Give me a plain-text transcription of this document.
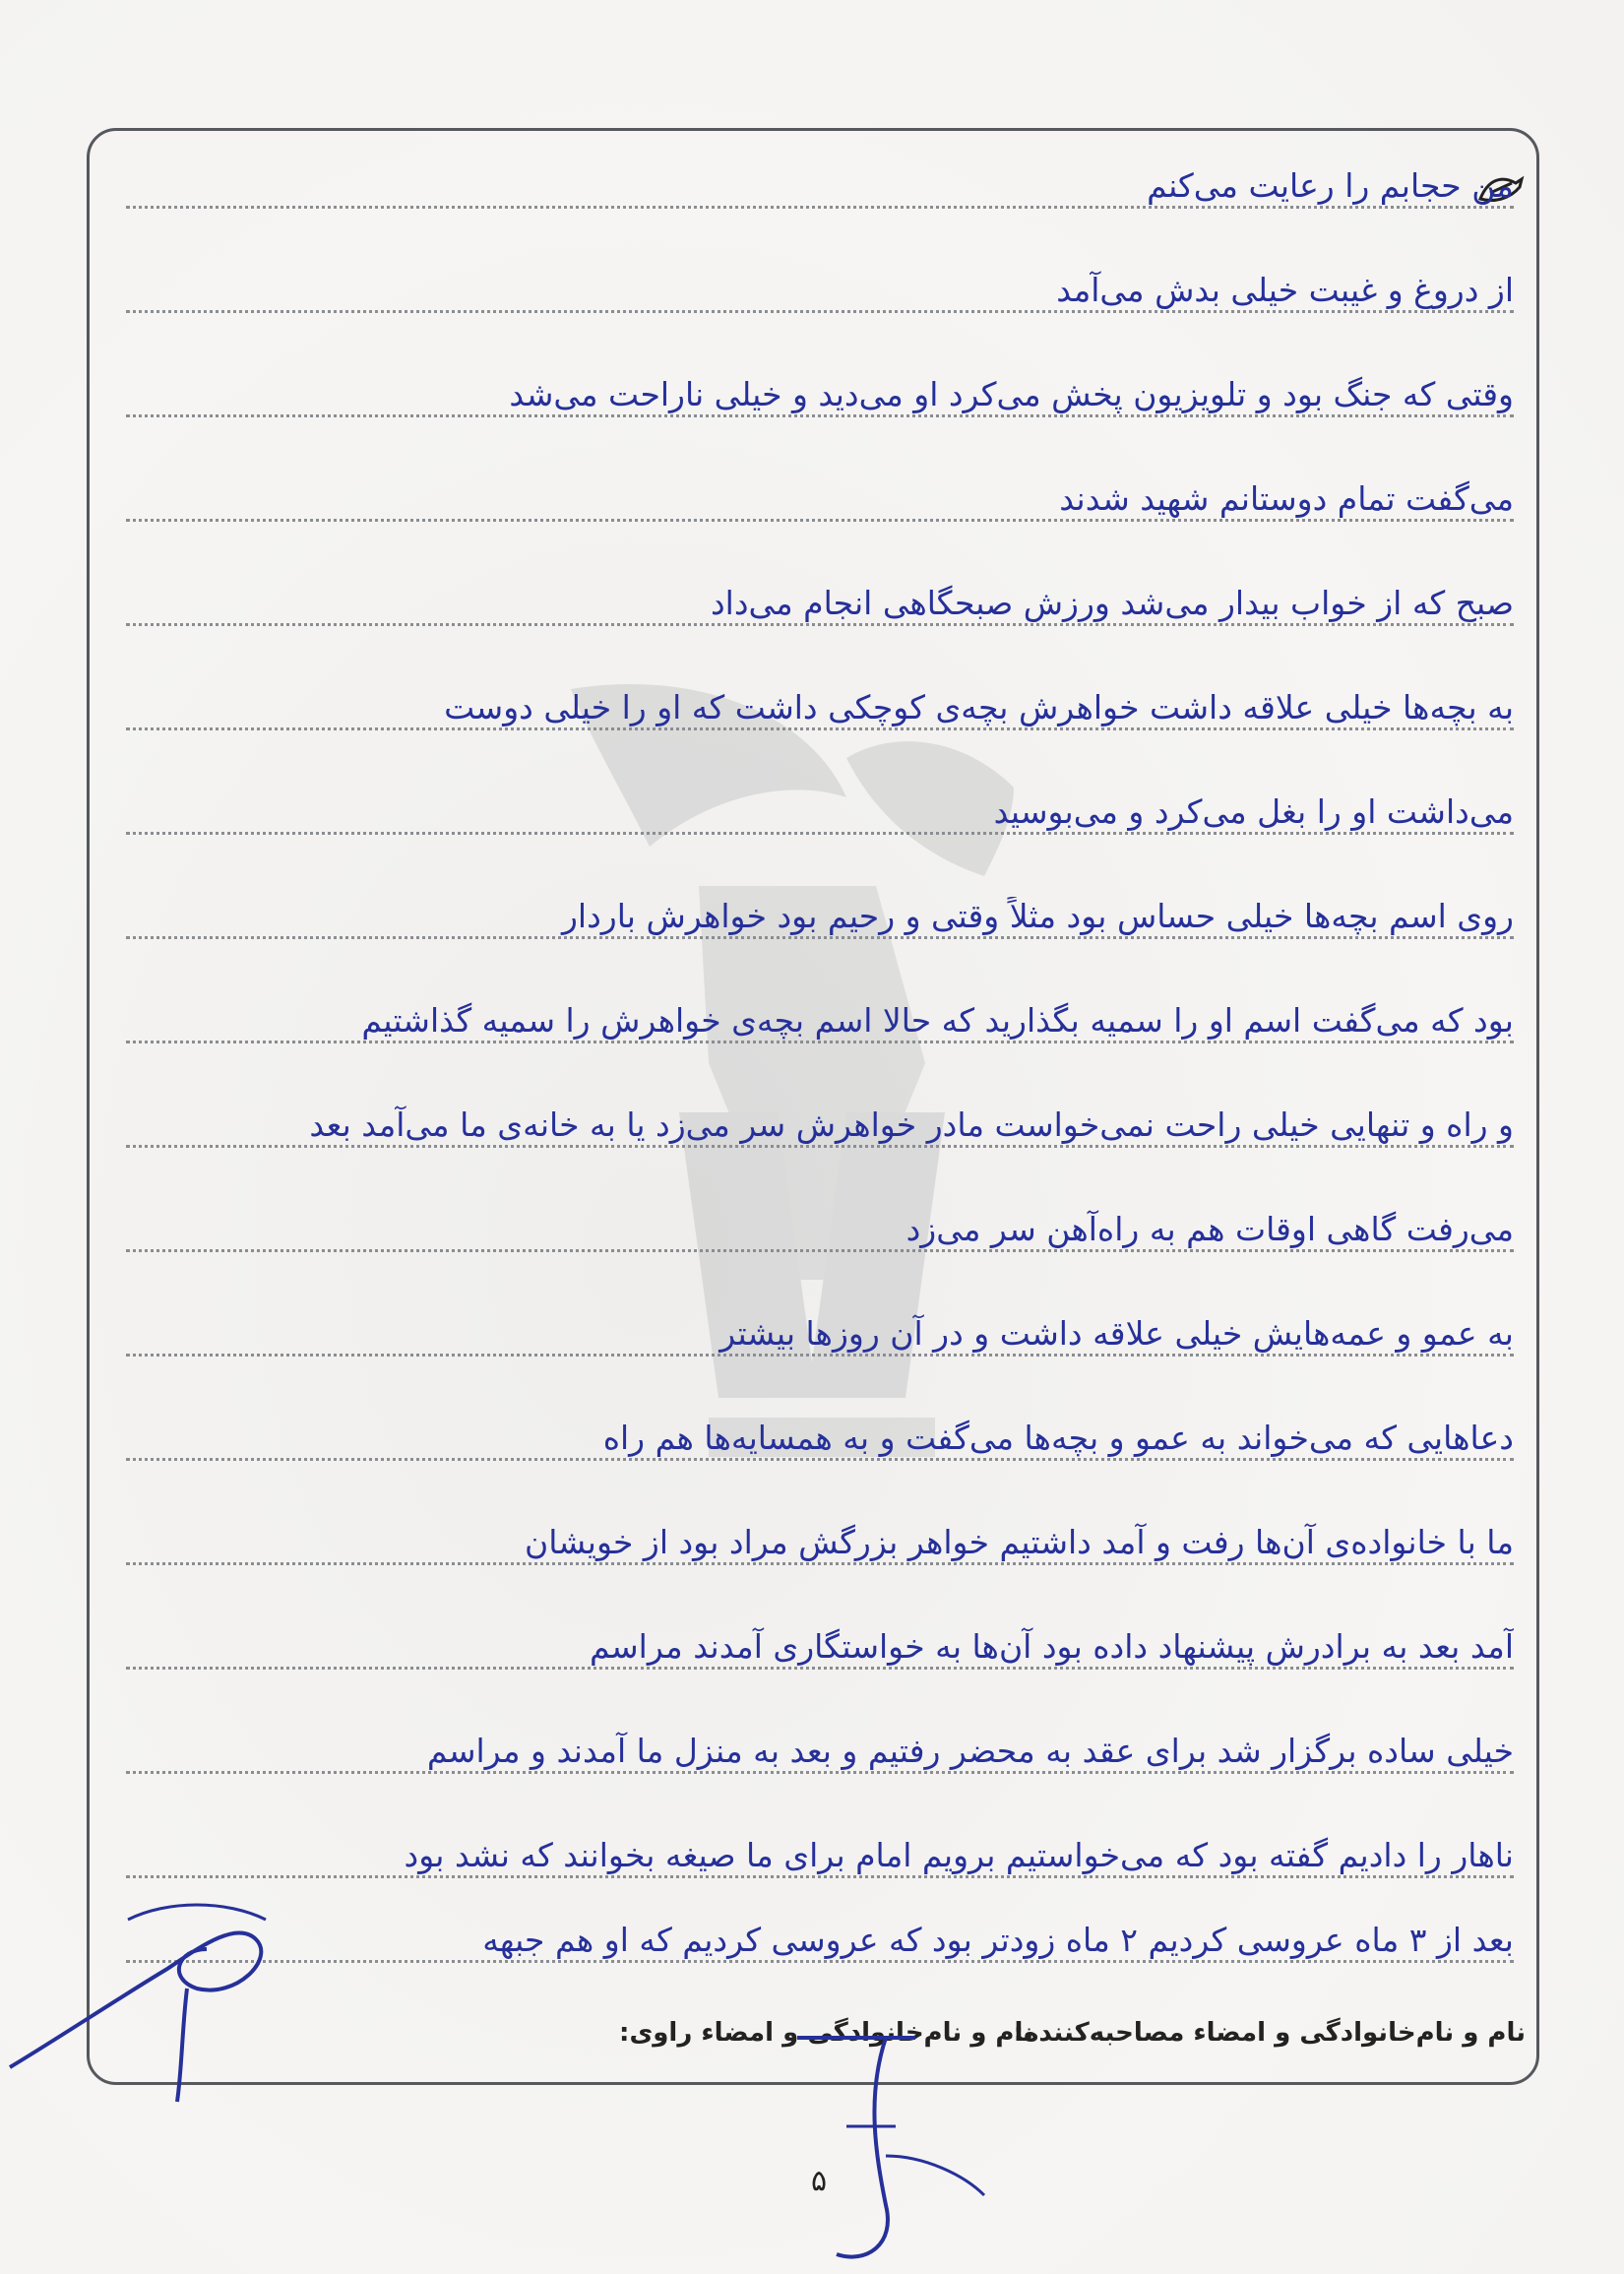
من حجابم را رعایت می‌کنم
از دروغ و غیبت خیلی بدش می‌آمد
وقتی که جنگ بود و تلویزیون پخش می‌کرد او می‌دید و خیلی ناراحت می‌شد
می‌گفت تمام دوستانم شهید شدند
صبح که از خواب بیدار می‌شد ورزش صبحگاهی انجام می‌داد
به بچه‌ها خیلی علاقه داشت خواهرش بچه‌ی کوچکی داشت که او را خیلی دوست
می‌داشت او را بغل می‌کرد و می‌بوسید
روی اسم بچه‌ها خیلی حساس بود مثلاً وقتی و رحیم بود خواهرش باردار
بود که می‌گفت اسم او را سمیه بگذارید که حالا اسم بچه‌ی خواهرش را سمیه گذاشتیم
و راه و تنهایی خیلی راحت نمی‌خواست مادر خواهرش سر می‌زد یا به خانه‌ی ما می‌آمد بعد
می‌رفت گاهی اوقات هم به راه‌آهن سر می‌زد
به عمو و عمه‌هایش خیلی علاقه داشت و در آن روزها بیشتر
دعا‌هایی که می‌خواند به عمو و بچه‌ها می‌گفت و به همسایه‌ها هم راه
ما با خانواده‌ی آن‌ها رفت و آمد داشتیم خواهر بزرگش مراد بود از خویشان
آمد بعد به برادرش پیشنهاد داده بود آن‌ها به خواستگاری آمدند مراسم
خیلی ساده برگزار شد برای عقد به محضر رفتیم و بعد به منزل ما آمدند و مراسم
ناهار را دادیم گفته بود که می‌خواستیم برویم امام برای ما صیغه بخوانند که نشد بود
بعد از ۳ ماه عروسی کردیم ۲ ماه زودتر بود که عروسی کردیم که او هم جبهه
نام و نام‌خانوادگی و امضاء مصاحبه‌کننده:
نام و نام‌خانوادگی و امضاء راوی:
۵
